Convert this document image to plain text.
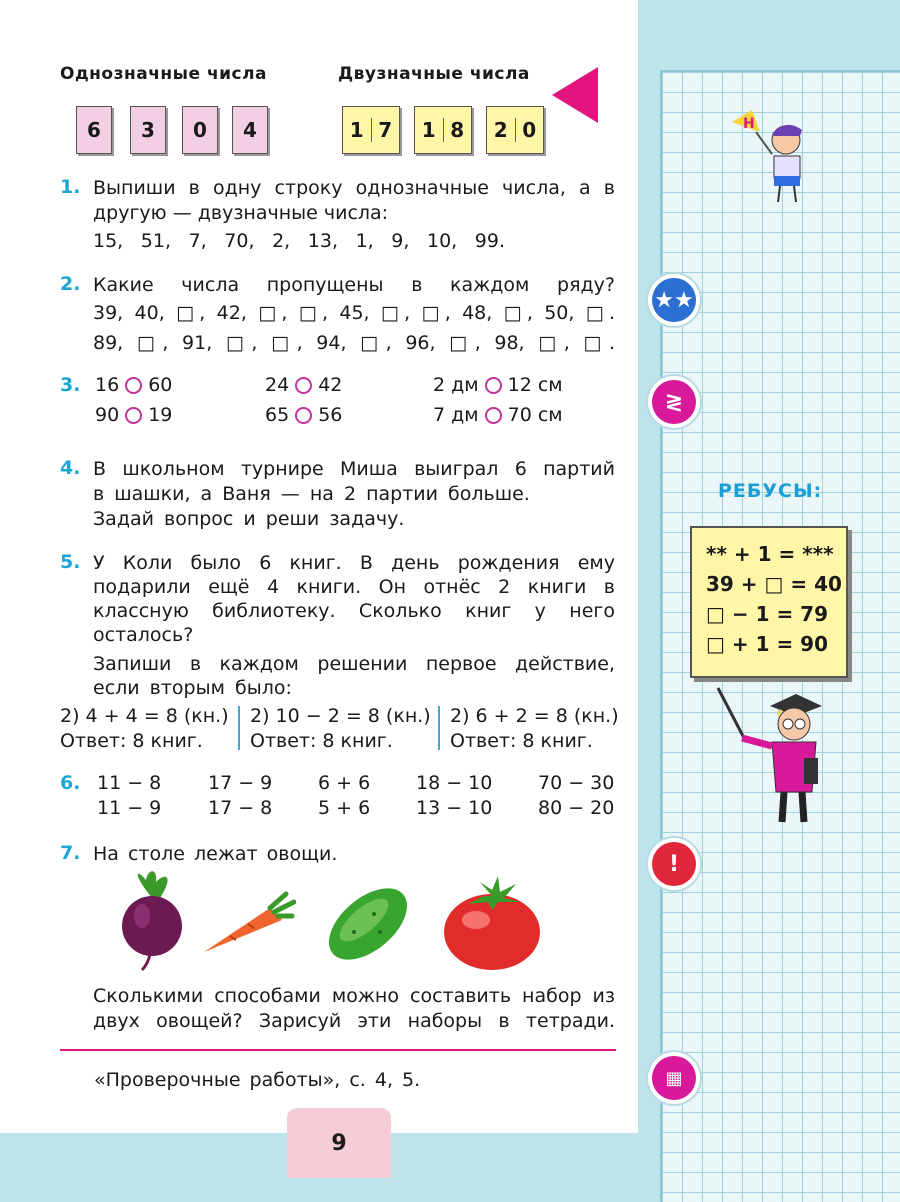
Однозначные числа	Двузначные числа
6	3	0	4	1 7	1 8	2 0
1. Выпиши в одну строку однозначные числа, а в
другую — двузначные числа:
15, 51, 7, 70, 2, 13, 1, 9, 10, 99.
2. Какие числа пропущены в каждом ряду?
39, 40, □, 42, □, □, 45, □, □, 48, □, 50, □.
89, □, 91, □, □, 94, □, 96, □, 98, □, □.
3. 16 60	24 42	2 дм 12 см
90 19	65 56	7 дм 70 см
4. В школьном турнире Миша выиграл 6 партий
в шашки, а Ваня — на 2 партии больше.
Задай вопрос и реши задачу.
5. У Коли было 6 книг. В день рождения ему
подарили ещё 4 книги. Он отнёс 2 книги в
классную библиотеку. Сколько книг у него
осталось?
Запиши в каждом решении первое действие,
если вторым было:
2) 4 + 4 = 8 (кн.)
Ответ: 8 книг.
2) 10 − 2 = 8 (кн.)
Ответ: 8 книг.
2) 6 + 2 = 8 (кн.)
Ответ: 8 книг.
6. 11 − 8 17 − 9 6 + 6 18 − 10 70 − 30
11 − 9 17 − 8 5 + 6 13 − 10 80 − 20
7. На столе лежат овощи.
Сколькими способами можно составить набор из
двух овощей? Зарисуй эти наборы в тетради.
«Проверочные работы», с. 4, 5.
9
Н
★★
≷
РЕБУСЫ:
** + 1 = ***
39 + □ = 40
□ − 1 = 79
□ + 1 = 90
!
▦
